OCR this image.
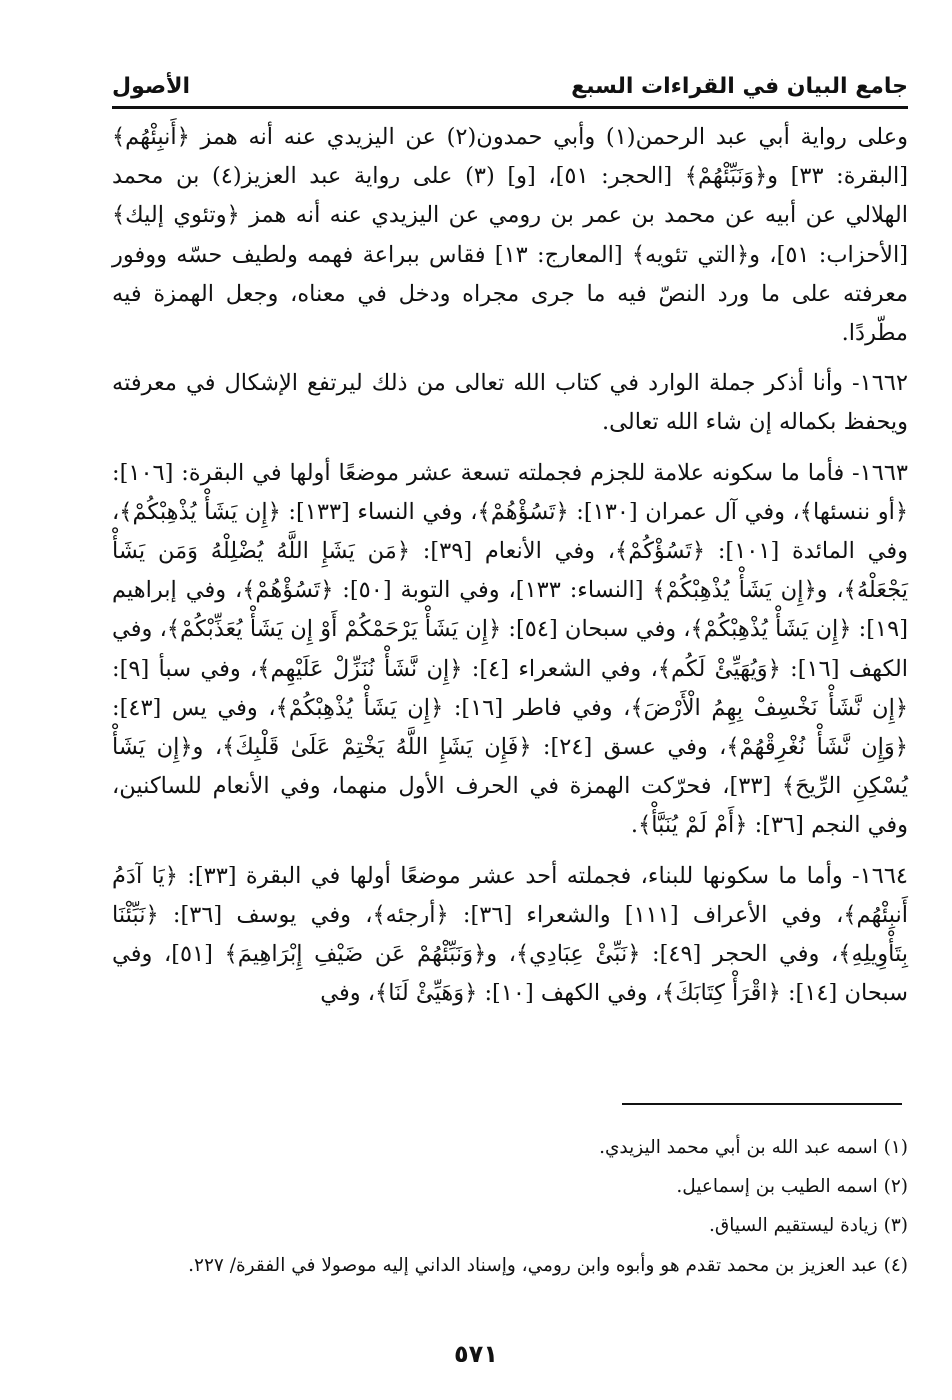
جامع البيان في القراءات السبع
الأصول

وعلى رواية أبي عبد الرحمن(١) وأبي حمدون(٢) عن اليزيدي عنه أنه همز ﴿أَنبِئْهُم﴾ [البقرة: ٣٣] و﴿وَنَبِّئْهُمْ﴾ [الحجر: ٥١]، [و] (٣) على رواية عبد العزيز(٤) بن محمد الهلالي عن أبيه عن محمد بن عمر بن رومي عن اليزيدي عنه أنه همز ﴿وتئوي إليك﴾ [الأحزاب: ٥١]، و﴿التي تئويه﴾ [المعارج: ١٣] فقاس ببراعة فهمه ولطيف حسّه ووفور معرفته على ما ورد النصّ فيه ما جرى مجراه ودخل في معناه، وجعل الهمزة فيه مطّردًا.

١٦٦٢- وأنا أذكر جملة الوارد في كتاب الله تعالى من ذلك ليرتفع الإشكال في معرفته ويحفظ بكماله إن شاء الله تعالى.

١٦٦٣- فأما ما سكونه علامة للجزم فجملته تسعة عشر موضعًا أولها في البقرة: [١٠٦]: ﴿أو ننسئها﴾، وفي آل عمران [١٣٠]: ﴿تَسُؤْهُمْ﴾، وفي النساء [١٣٣]: ﴿إِن يَشَأْ يُذْهِبْكُمْ﴾، وفي المائدة [١٠١]: ﴿تَسُؤْكُمْ﴾، وفي الأنعام [٣٩]: ﴿مَن يَشَإِ اللَّهُ يُضْلِلْهُ وَمَن يَشَأْ يَجْعَلْهُ﴾، و﴿إِن يَشَأْ يُذْهِبْكُمْ﴾ [النساء: ١٣٣]، وفي التوبة [٥٠]: ﴿تَسُؤْهُمْ﴾، وفي إبراهيم [١٩]: ﴿إِن يَشَأْ يُذْهِبْكُمْ﴾، وفي سبحان [٥٤]: ﴿إِن يَشَأْ يَرْحَمْكُمْ أَوْ إِن يَشَأْ يُعَذِّبْكُمْ﴾، وفي الكهف [١٦]: ﴿وَيُهَيِّئْ لَكُم﴾، وفي الشعراء [٤]: ﴿إِن نَّشَأْ نُنَزِّلْ عَلَيْهِم﴾، وفي سبأ [٩]: ﴿إِن نَّشَأْ نَخْسِفْ بِهِمُ الْأَرْضَ﴾، وفي فاطر [١٦]: ﴿إِن يَشَأْ يُذْهِبْكُمْ﴾، وفي يس [٤٣]: ﴿وَإِن نَّشَأْ نُغْرِقْهُمْ﴾، وفي عسق [٢٤]: ﴿فَإِن يَشَإِ اللَّهُ يَخْتِمْ عَلَىٰ قَلْبِكَ﴾، و﴿إِن يَشَأْ يُسْكِنِ الرِّيحَ﴾ [٣٣]، فحرّكت الهمزة في الحرف الأول منهما، وفي الأنعام للساكنين، وفي النجم [٣٦]: ﴿أَمْ لَمْ يُنَبَّأْ﴾.

١٦٦٤- وأما ما سكونها للبناء، فجملته أحد عشر موضعًا أولها في البقرة [٣٣]: ﴿يَا آدَمُ أَنبِئْهُم﴾، وفي الأعراف [١١١] والشعراء [٣٦]: ﴿أرجئه﴾، وفي يوسف [٣٦]: ﴿نَبِّئْنَا بِتَأْوِيلِهِ﴾، وفي الحجر [٤٩]: ﴿نَبِّئْ عِبَادِي﴾، و﴿وَنَبِّئْهُمْ عَن ضَيْفِ إِبْرَاهِيمَ﴾ [٥١]، وفي سبحان [١٤]: ﴿اقْرَأْ كِتَابَكَ﴾، وفي الكهف [١٠]: ﴿وَهَيِّئْ لَنَا﴾، وفي

(١) اسمه عبد الله بن أبي محمد اليزيدي.

(٢) اسمه الطيب بن إسماعيل.

(٣) زيادة ليستقيم السياق.

(٤) عبد العزيز بن محمد تقدم هو وأبوه وابن رومي، وإسناد الداني إليه موصولا في الفقرة/ ٢٢٧.

٥٧١
